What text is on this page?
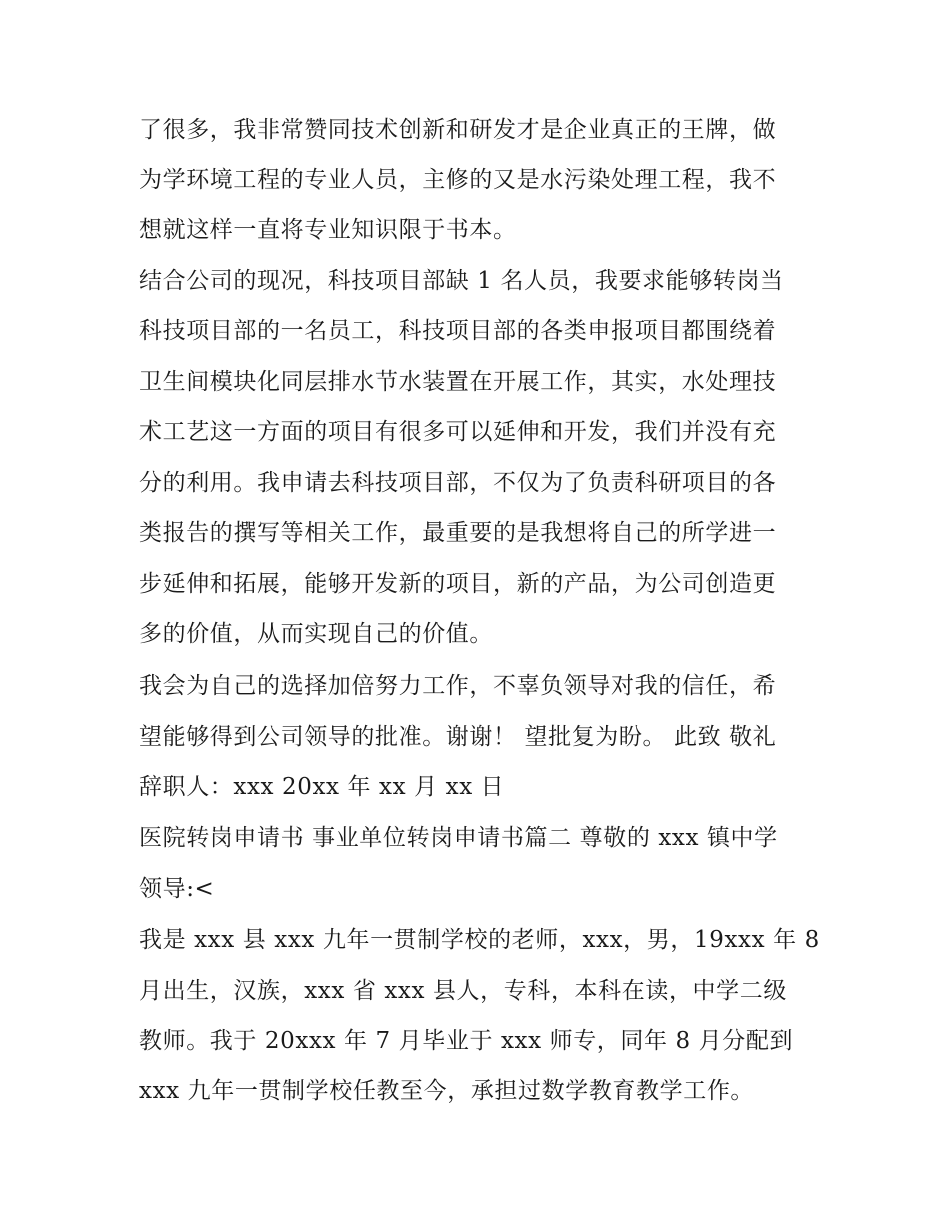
了很多，我非常赞同技术创新和研发才是企业真正的王牌，做
为学环境工程的专业人员，主修的又是水污染处理工程，我不
想就这样一直将专业知识限于书本。
结合公司的现况，科技项目部缺 1 名人员，我要求能够转岗当
科技项目部的一名员工，科技项目部的各类申报项目都围绕着
卫生间模块化同层排水节水装置在开展工作，其实，水处理技
术工艺这一方面的项目有很多可以延伸和开发，我们并没有充
分的利用。我申请去科技项目部，不仅为了负责科研项目的各
类报告的撰写等相关工作，最重要的是我想将自己的所学进一
步延伸和拓展，能够开发新的项目，新的产品，为公司创造更
多的价值，从而实现自己的价值。
我会为自己的选择加倍努力工作，不辜负领导对我的信任，希
望能够得到公司领导的批准。谢谢！ 望批复为盼。 此致 敬礼
辞职人：xxx 20xx 年 xx 月 xx 日
医院转岗申请书 事业单位转岗申请书篇二 尊敬的 xxx 镇中学
领导:<
我是 xxx 县 xxx 九年一贯制学校的老师，xxx，男，19xxx 年 8
月出生，汉族，xxx 省 xxx 县人，专科，本科在读，中学二级
教师。我于 20xxx 年 7 月毕业于 xxx 师专，同年 8 月分配到
xxx 九年一贯制学校任教至今，承担过数学教育教学工作。
